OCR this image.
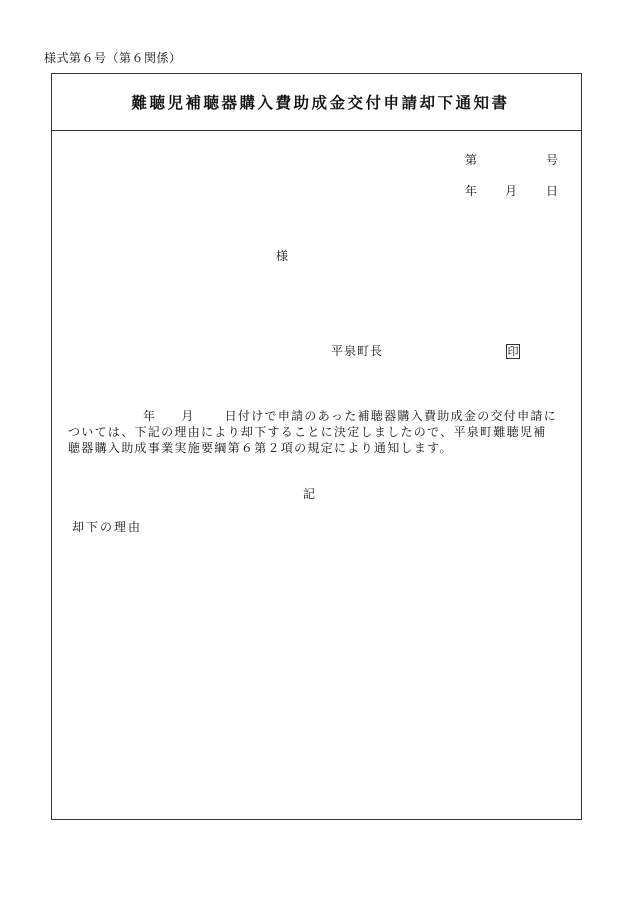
様式第６号（第６関係）
難聴児補聴器購入費助成金交付申請却下通知書
第	号
年 月 日
様
平泉町長	印

年 月	日付けで申請のあった補聴器購入費助成金の交付申請に

ついては、下記の理由により却下することに決定しましたので、平泉町難聴児補

聴器購入助成事業実施要綱第６第２項の規定により通知します。

記
却下の理由
